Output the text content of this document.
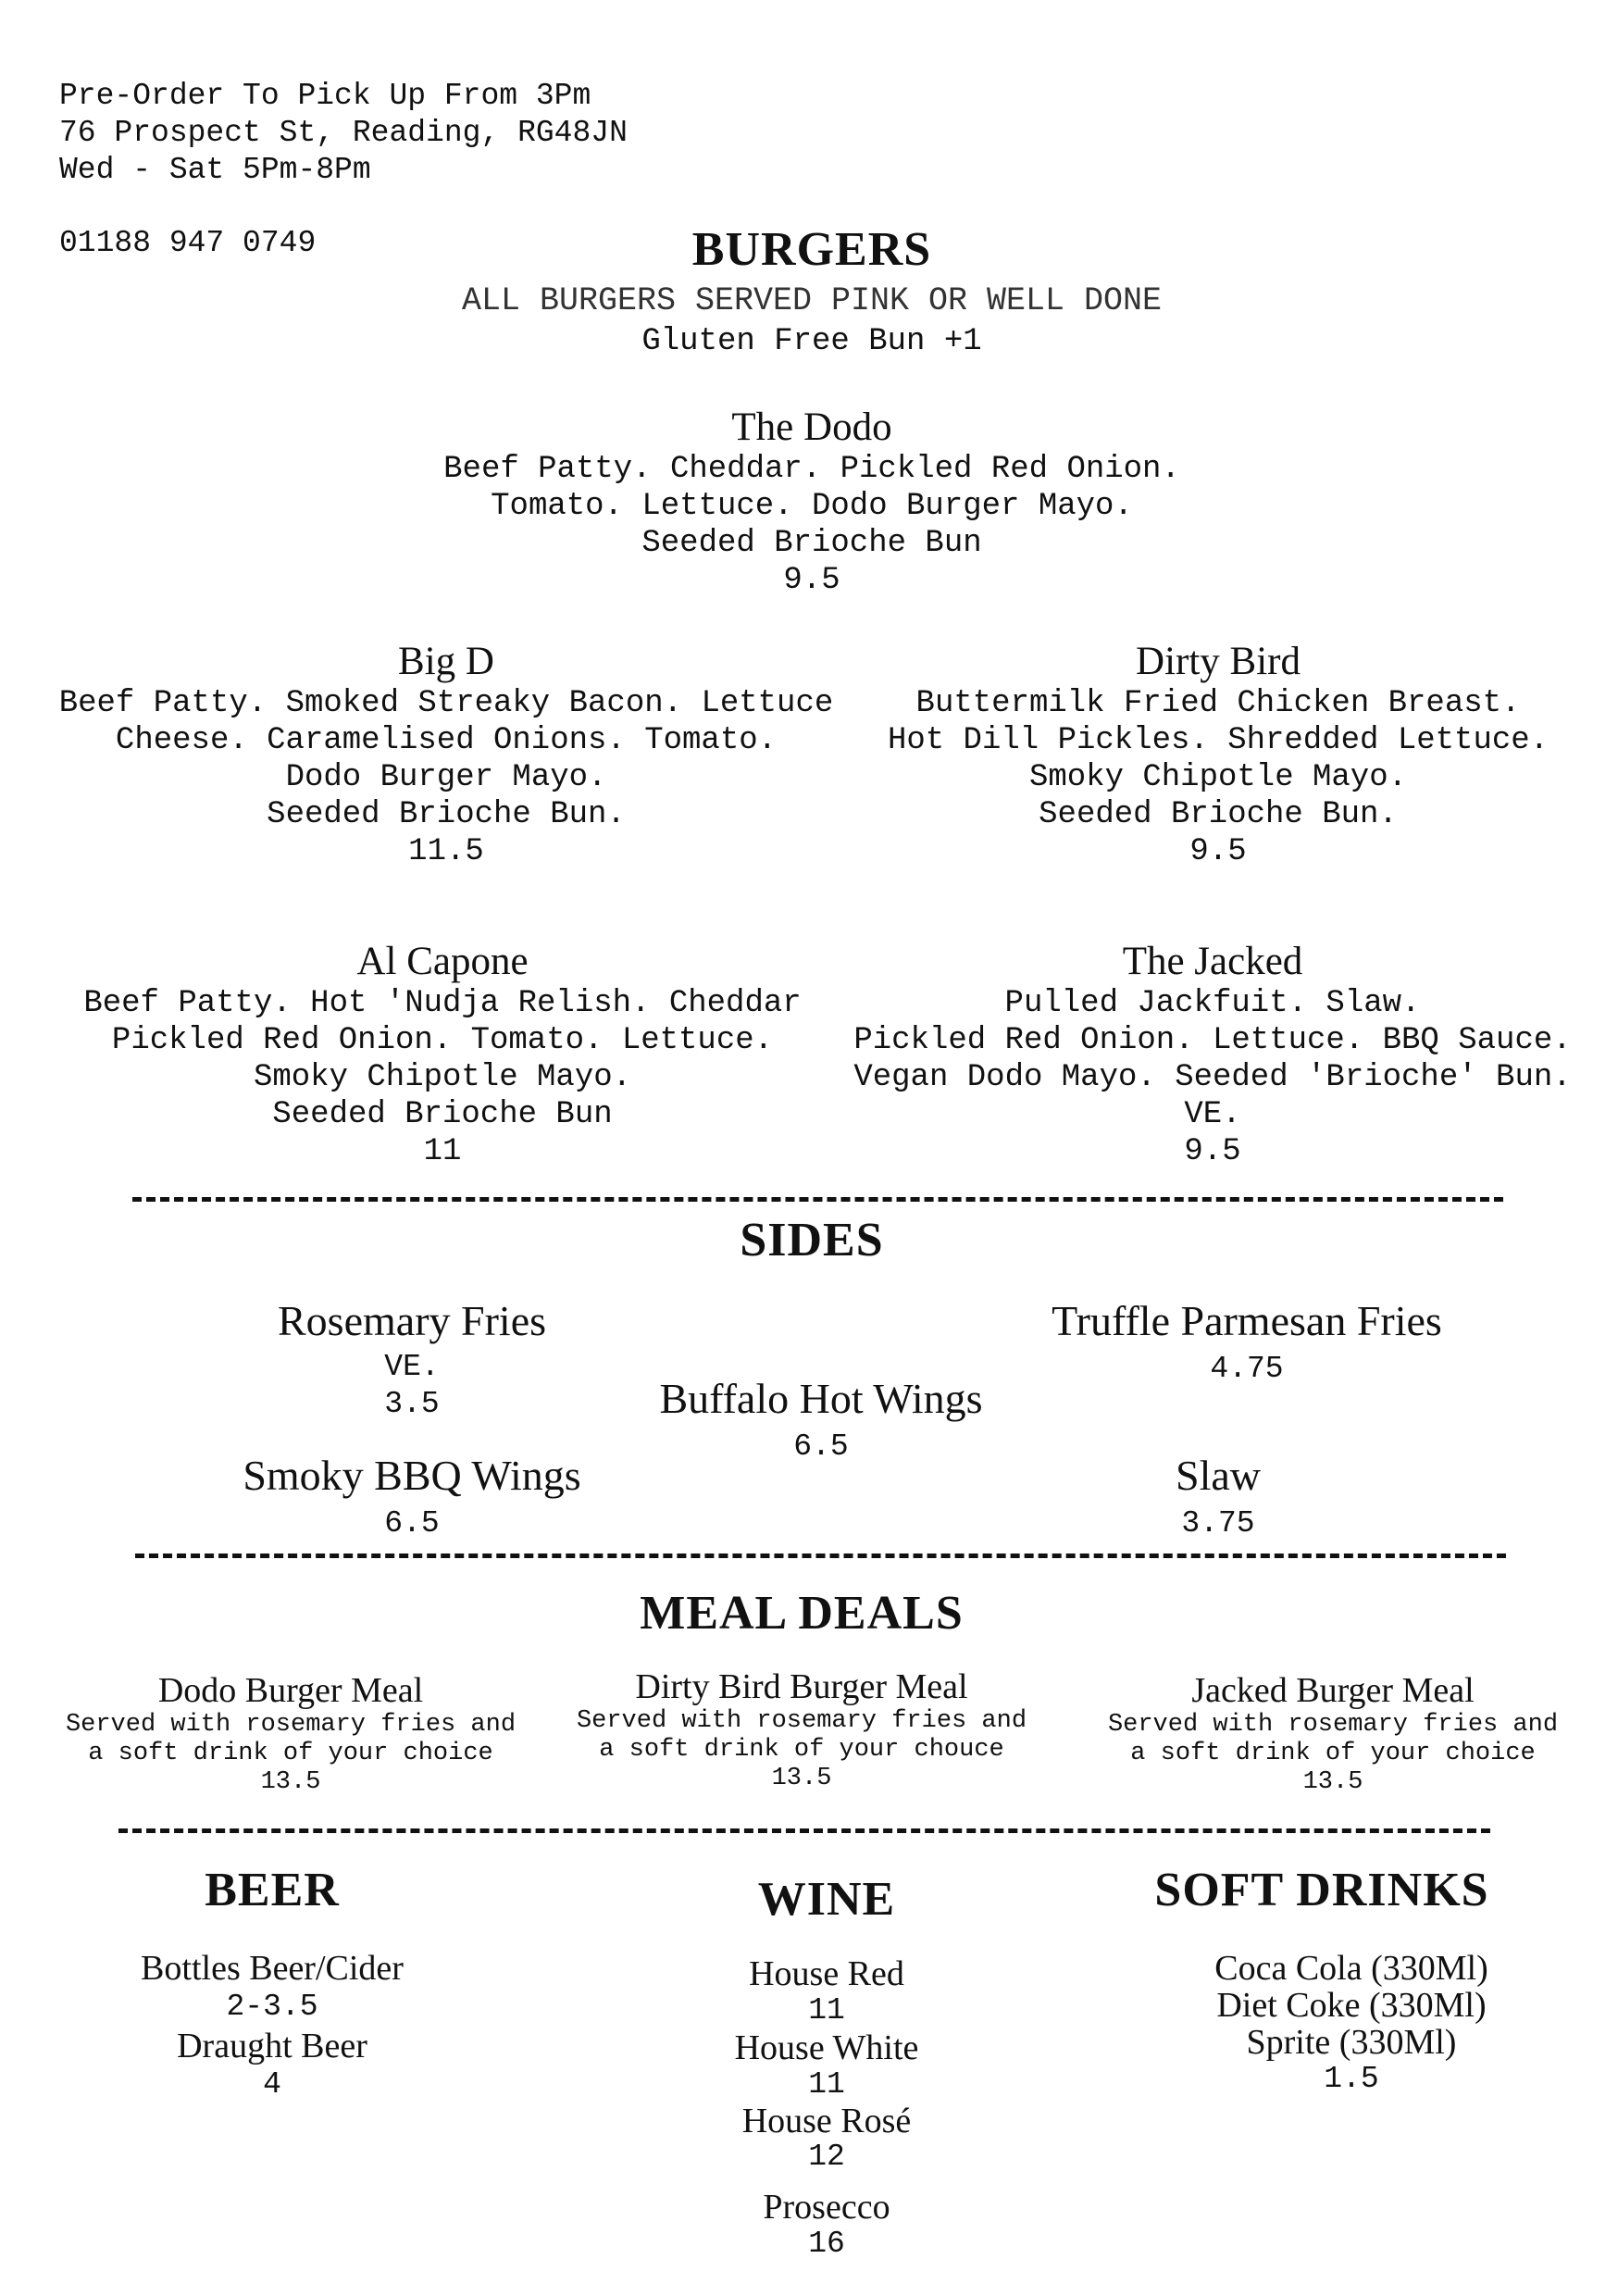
Pre-Order To Pick Up From 3Pm
76 Prospect St, Reading, RG48JN
Wed - Sat 5Pm-8Pm
01188 947 0749	BURGERS
ALL BURGERS SERVED PINK OR WELL DONE
Gluten Free Bun +1
The Dodo
Beef Patty. Cheddar. Pickled Red Onion.
Tomato. Lettuce. Dodo Burger Mayo.
Seeded Brioche Bun
9.5
Big D
Beef Patty. Smoked Streaky Bacon. Lettuce
Cheese. Caramelised Onions. Tomato.
Dodo Burger Mayo.
Seeded Brioche Bun.
11.5
Dirty Bird
Buttermilk Fried Chicken Breast.
Hot Dill Pickles. Shredded Lettuce.
Smoky Chipotle Mayo.
Seeded Brioche Bun.
9.5
Al Capone
Beef Patty. Hot 'Nudja Relish. Cheddar
Pickled Red Onion. Tomato. Lettuce.
Smoky Chipotle Mayo.
Seeded Brioche Bun
11
The Jacked
Pulled Jackfuit. Slaw.
Pickled Red Onion. Lettuce. BBQ Sauce.
Vegan Dodo Mayo. Seeded 'Brioche' Bun.
VE.
9.5
SIDES
Rosemary Fries
VE.
3.5
Truffle Parmesan Fries
4.75
Buffalo Hot Wings
6.5
Smoky BBQ Wings
6.5
Slaw
3.75
MEAL DEALS
Dodo Burger Meal
Served with rosemary fries and
a soft drink of your choice
13.5
Dirty Bird Burger Meal
Served with rosemary fries and
a soft drink of your chouce
13.5
Jacked Burger Meal
Served with rosemary fries and
a soft drink of your choice
13.5
BEER
Bottles Beer/Cider
2-3.5
Draught Beer
4
WINE
House Red
11
House White
11
House Rosé
12
Prosecco
16
SOFT DRINKS
Coca Cola (330Ml)
Diet Coke (330Ml)
Sprite (330Ml)
1.5
